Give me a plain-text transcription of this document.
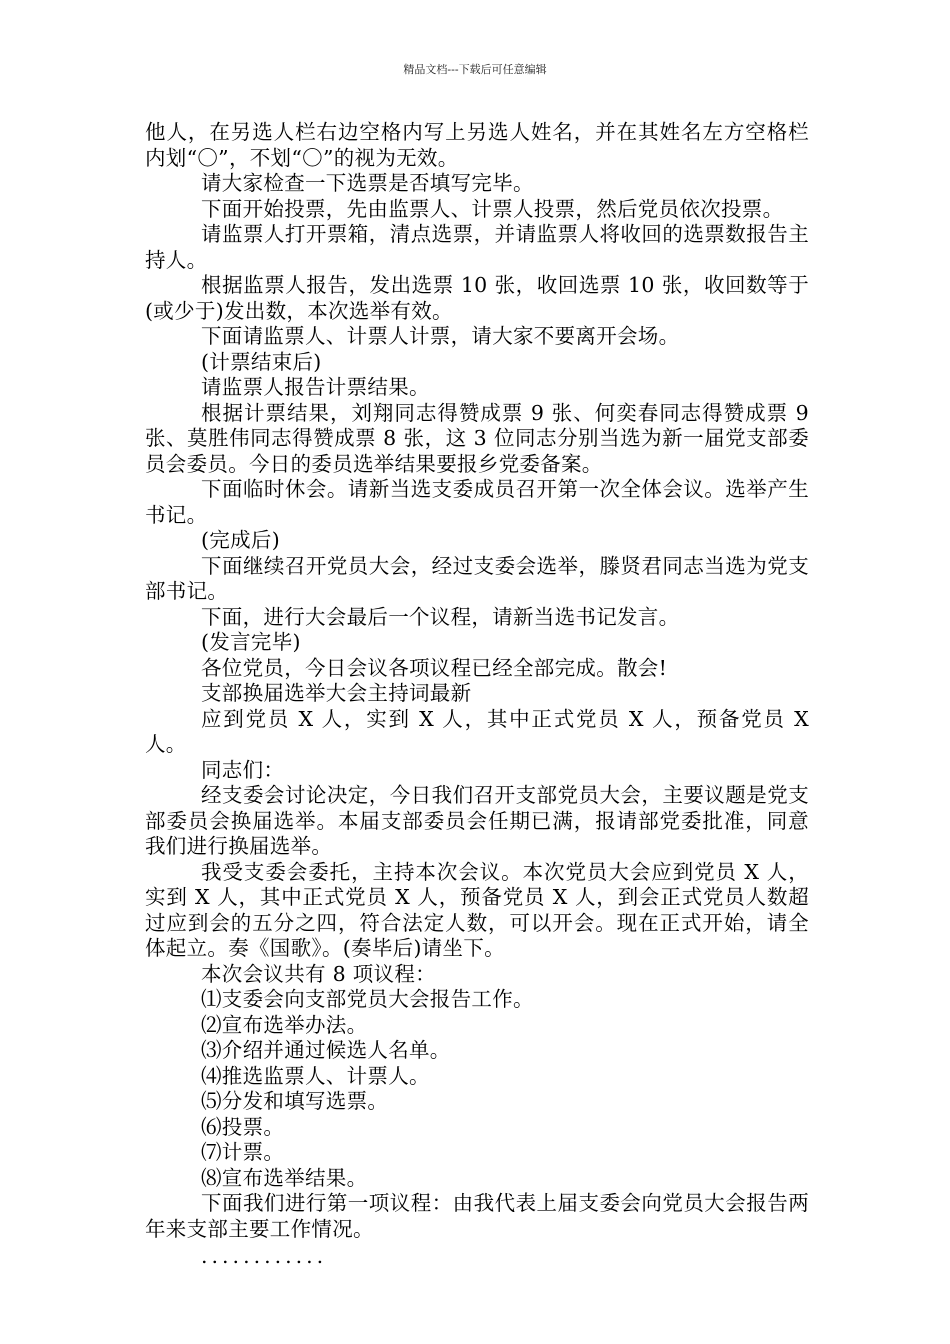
精品文档---下载后可任意编辑

他人，在另选人栏右边空格内写上另选人姓名，并在其姓名左方空格栏内划“〇”，不划“〇”的视为无效。

请大家检查一下选票是否填写完毕。

下面开始投票，先由监票人、计票人投票，然后党员依次投票。

请监票人打开票箱，清点选票，并请监票人将收回的选票数报告主持人。

根据监票人报告，发出选票 10 张，收回选票 10 张，收回数等于(或少于)发出数，本次选举有效。

下面请监票人、计票人计票，请大家不要离开会场。

(计票结束后)

请监票人报告计票结果。

根据计票结果，刘翔同志得赞成票 9 张、何奕春同志得赞成票 9 张、莫胜伟同志得赞成票 8 张，这 3 位同志分别当选为新一届党支部委员会委员。今日的委员选举结果要报乡党委备案。

下面临时休会。请新当选支委成员召开第一次全体会议。选举产生书记。

(完成后)

下面继续召开党员大会，经过支委会选举，滕贤君同志当选为党支部书记。

下面，进行大会最后一个议程，请新当选书记发言。

(发言完毕)

各位党员，今日会议各项议程已经全部完成。散会!

支部换届选举大会主持词最新

应到党员 X 人，实到 X 人，其中正式党员 X 人，预备党员 X 人。

同志们：

经支委会讨论决定，今日我们召开支部党员大会，主要议题是党支部委员会换届选举。本届支部委员会任期已满，报请部党委批准，同意我们进行换届选举。

我受支委会委托，主持本次会议。本次党员大会应到党员 X 人，实到 X 人，其中正式党员 X 人，预备党员 X 人，到会正式党员人数超过应到会的五分之四，符合法定人数，可以开会。现在正式开始，请全体起立。奏《国歌》。(奏毕后)请坐下。

本次会议共有 8 项议程：

⑴支委会向支部党员大会报告工作。

⑵宣布选举办法。

⑶介绍并通过候选人名单。

⑷推选监票人、计票人。

⑸分发和填写选票。

⑹投票。

⑺计票。

⑻宣布选举结果。

下面我们进行第一项议程：由我代表上届支委会向党员大会报告两年来支部主要工作情况。

............
